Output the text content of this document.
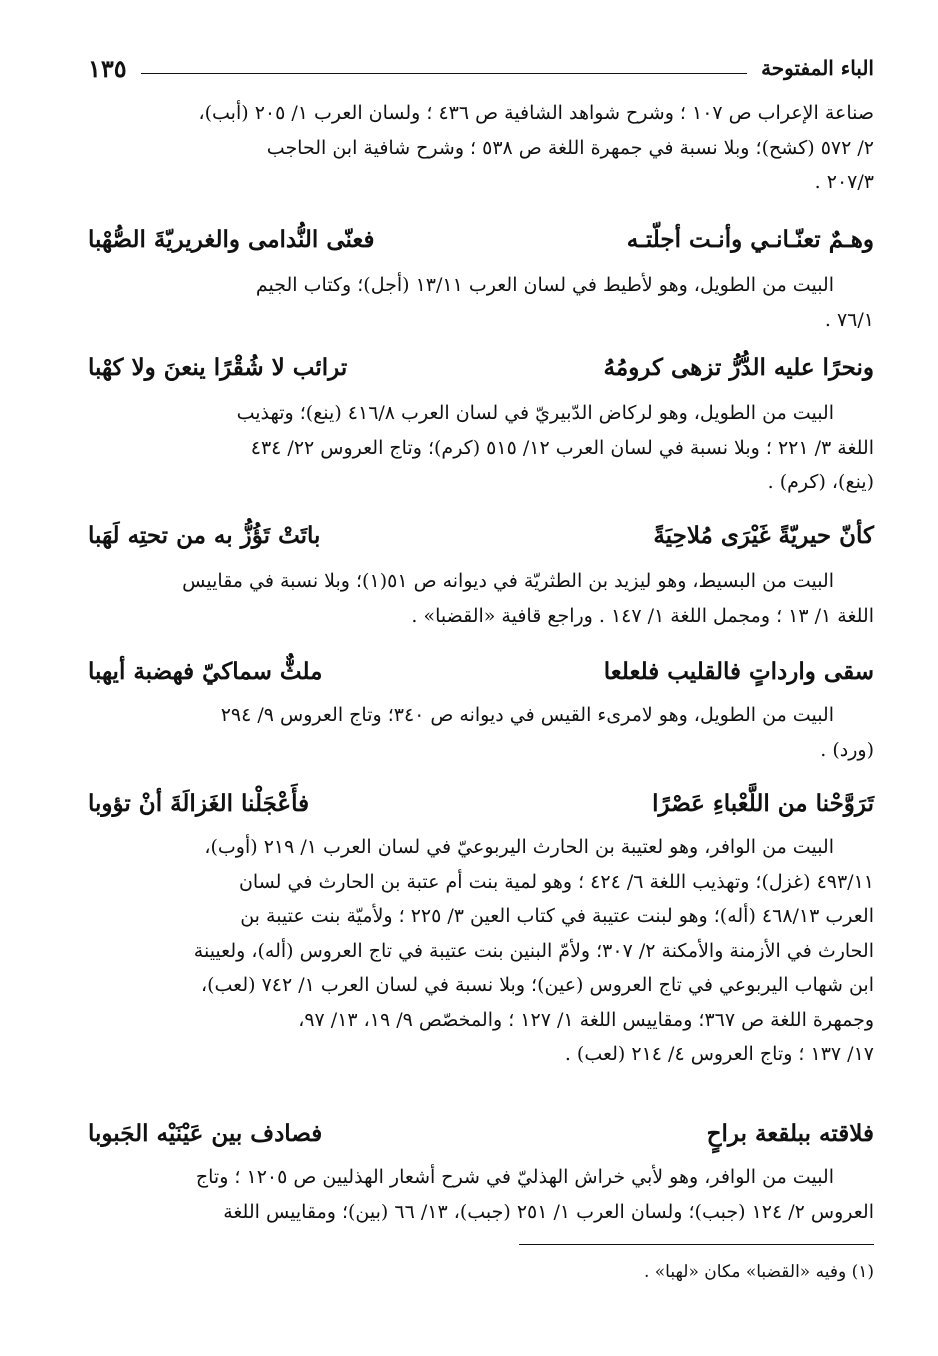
الباء المفتوحة
١٣٥
صناعة الإعراب ص ١٠٧ ؛ وشرح شواهد الشافية ص ٤٣٦ ؛ ولسان العرب ١/ ٢٠٥ (أبب)،
٢/ ٥٧٢ (كشح)؛ وبلا نسبة في جمهرة اللغة ص ٥٣٨ ؛ وشرح شافية ابن الحاجب
٢٠٧/٣ .
وهـمٌ تعنّـانـي وأنـت أجلّتـه
فعنّى النُّدامى والغريريّةَ الصُّهْبا
البيت من الطويل، وهو لأطيط في لسان العرب ١٣/١١ (أجل)؛ وكتاب الجيم
٧٦/١ .
ونحرًا عليه الدُّرُّ تزهى كرومُهُ
ترائب لا شُقْرًا ينعنَ ولا كهْبا
البيت من الطويل، وهو لركاض الدّبيريّ في لسان العرب ٤١٦/٨ (ينع)؛ وتهذيب
اللغة ٣/ ٢٢١ ؛ وبلا نسبة في لسان العرب ١٢/ ٥١٥ (كرم)؛ وتاج العروس ٢٢/ ٤٣٤
(ينع)، (كرم) .
كأنّ حيريّةً غَيْرَى مُلاحِيَةً
باتَتْ تَؤُزُّ به من تحتِه لَهَبا
البيت من البسيط، وهو ليزيد بن الطثريّة في ديوانه ص ٥١(١)؛ وبلا نسبة في مقاييس
اللغة ١/ ١٣ ؛ ومجمل اللغة ١/ ١٤٧ . وراجع قافية «القضبا» .
سقى وارداتٍ فالقليب فلعلعا
ملثٌّ سماكيّ فهضبة أيهبا
البيت من الطويل، وهو لامرىء القيس في ديوانه ص ٣٤٠؛ وتاج العروس ٩/ ٢٩٤
(ورد) .
تَرَوَّحْنا من اللَّعْباءِ عَصْرًا
فأَعْجَلْنا الغَزالَةَ أنْ تؤوبا
البيت من الوافر، وهو لعتيبة بن الحارث اليربوعيّ في لسان العرب ١/ ٢١٩ (أوب)،
٤٩٣/١١ (غزل)؛ وتهذيب اللغة ٦/ ٤٢٤ ؛ وهو لمية بنت أم عتبة بن الحارث في لسان
العرب ٤٦٨/١٣ (أله)؛ وهو لبنت عتيبة في كتاب العين ٣/ ٢٢٥ ؛ ولأميّة بنت عتيبة بن
الحارث في الأزمنة والأمكنة ٢/ ٣٠٧؛ ولأمّ البنين بنت عتيبة في تاج العروس (أله)، ولعيينة
ابن شهاب اليربوعي في تاج العروس (عين)؛ وبلا نسبة في لسان العرب ١/ ٧٤٢ (لعب)،
وجمهرة اللغة ص ٣٦٧؛ ومقاييس اللغة ١/ ١٢٧ ؛ والمخصّص ٩/ ١٩، ١٣/ ٩٧،
١٧/ ١٣٧ ؛ وتاج العروس ٤/ ٢١٤ (لعب) .
فلاقته ببلقعة براحٍ
فصادف بين عَيْنَيْه الجَبوبا
البيت من الوافر، وهو لأبي خراش الهذليّ في شرح أشعار الهذليين ص ١٢٠٥ ؛ وتاج
العروس ٢/ ١٢٤ (جبب)؛ ولسان العرب ١/ ٢٥١ (جبب)، ١٣/ ٦٦ (بين)؛ ومقاييس اللغة
(١) وفيه «القضبا» مكان «لهبا» .
